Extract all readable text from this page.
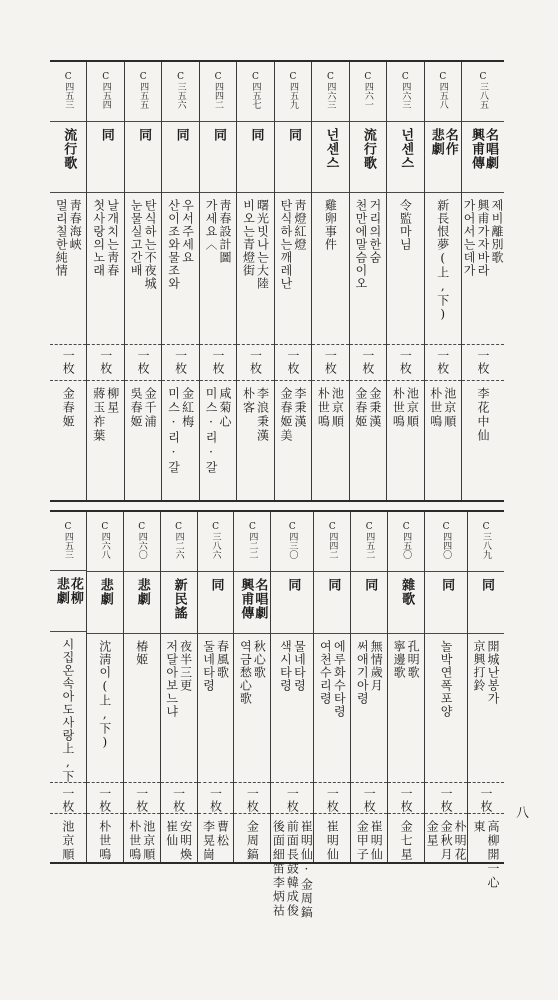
八

C三八五
名唱劇
興甫傳
제비離別歌
興甫가자바라
가어서는데가
一枚
李花中仙
C四五八
名作
悲劇
新長恨夢(上,下)
一枚
池京順
朴世鳴
C四六三
넌센스
令監마님
一枚
池京順
朴世鳴
C四六一
流行歌
거리의한숨
천만에말슴이오
一枚
金秉漢
金春姬
C四六三
넌센스
雞卵事件
一枚
池京順
朴世鳴
C四五九
同
靑燈紅燈
탄식하는깨레난
一枚
李秉漢
金春姬美
C四五七
同
曙光빗나는大陸
비오는青燈街
一枚
李浪秉漢
朴客
C四四二
同
靑春設計圖
가세요〈
一枚
咸菊心
미스·리·갈
C三五六
同
우서주세요
산이조와물조와
一枚
金紅梅
미스·리·갈
C四五五
同
탄식하는不夜城
눈물실고간배
一枚
金千浦
吳春姬
C四五四
同
날개치는靑春
첫사랑의노래
一枚
柳星
蔣玉祚葉
C四五三
流行歌
靑春海峽
멀리칠한純情
一枚
金春姬
C三八九
同
開城난봉가
京興打鈴
一枚
高柳開一心
東
C四四〇
同
놀박연폭포양
一枚
朴明花
金秋月
金星
C四五〇
雜歌
孔明歌
寧邊歌
一枚
金七星
C四五二
同
無情歲月
써애기아령
一枚
崔明仙
金甲子
C四四二
同
에루화수타령
여천수리령
一枚
崔明仙
C四三〇
同
물네타령
색시타령
一枚
崔明仙·金周鎬
前面長鼓韓成俊
後面細笛李炳祜
C四二二
名唱劇
興甫傳
秋心歌
역금愁心歌
一枚
金周鎬
C三八六
同
春風歌
둘네타령
一枚
曹松
李晃崗
C四二六
新民謠
夜半三更
저달아보느냐
一枚
安明煥
崔仙
C四六〇
悲劇
椿姬
一枚
池京順
朴世鳴
C四六八
悲劇
沈淸이(上,下)
一枚
朴世鳴
C四五三
花柳
悲劇
시집온속아도사랑上,下
一枚
池京順
